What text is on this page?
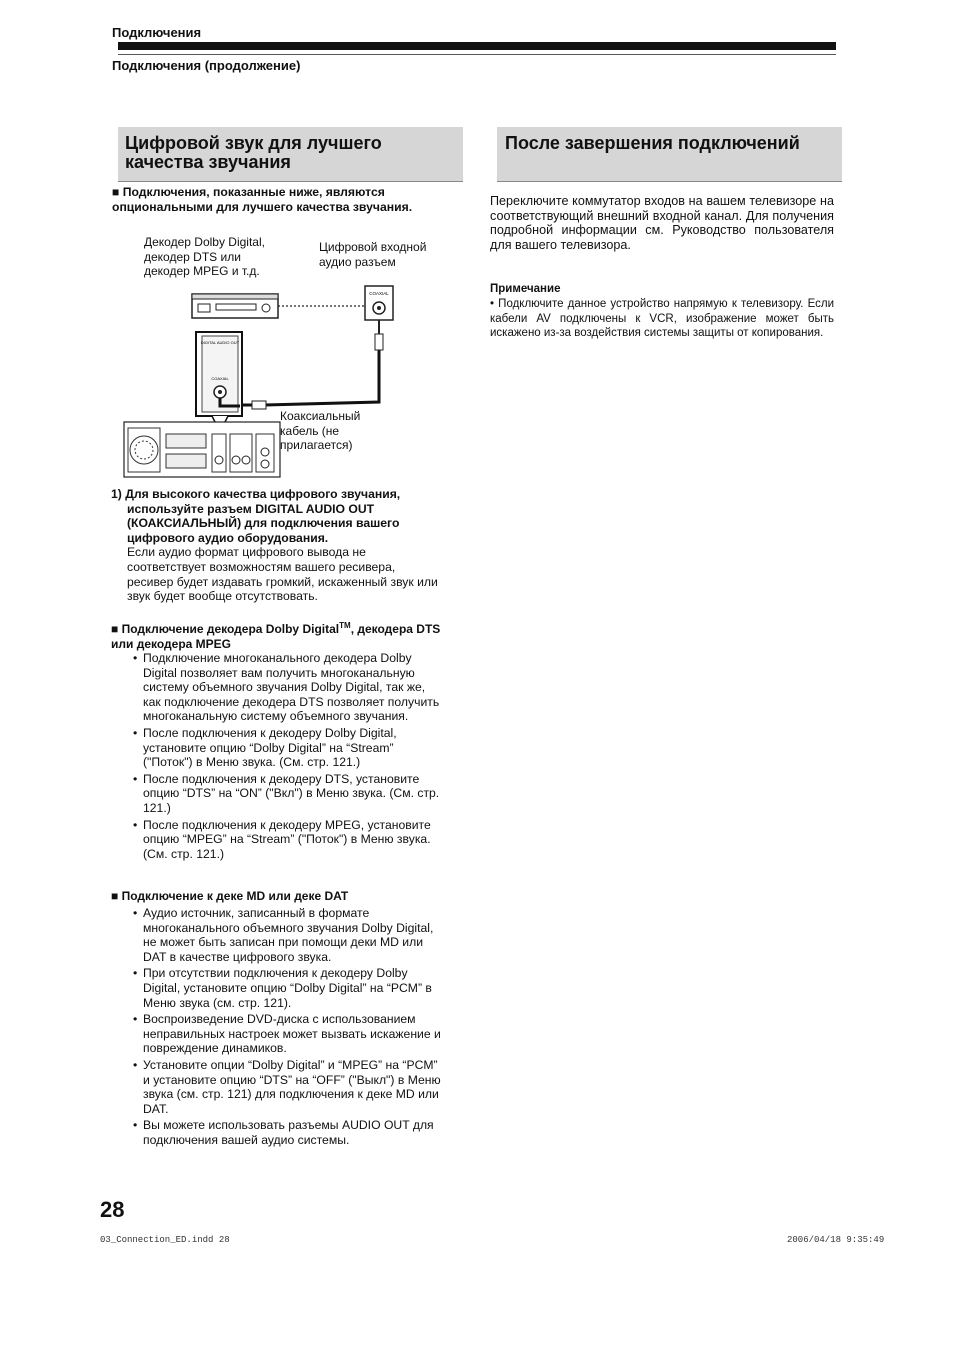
Подключения
Подключения (продолжение)
Цифровой звук для лучшего качества звучания

■ Подключения, показанные ниже, являются опциональными для лучшего качества звучания.

Декодер Dolby Digital, декодер DTS или декодер MPEG и т.д.
Цифровой входной аудио разъем
Коаксиальный кабель (не прилагается)
COAXIAL
DIGITAL AUDIO OUT
COAXIAL

1) Для высокого качества цифрового звучания, используйте разъем DIGITAL AUDIO OUT (КОАКСИАЛЬНЫЙ) для подключения вашего цифрового аудио оборудования.

Если аудио формат цифрового вывода не соответствует возможностям вашего ресивера, ресивер будет издавать громкий, искаженный звук или звук будет вообще отсутствовать.

■ Подключение декодера Dolby Digital™, декодера DTS или декодера MPEG

• Подключение многоканального декодера Dolby Digital позволяет вам получить многоканальную систему объемного звучания Dolby Digital, так же, как подключение декодера DTS позволяет получить многоканальную систему объемного звучания.
• После подключения к декодеру Dolby Digital, установите опцию “Dolby Digital” на “Stream” ("Поток") в Меню звука. (См. стр. 121.)
• После подключения к декодеру DTS, установите опцию “DTS” на “ON” ("Вкл") в Меню звука. (См. стр. 121.)
• После подключения к декодеру MPEG, установите опцию “MPEG” на “Stream” ("Поток") в Меню звука. (См. стр. 121.)

■ Подключение к деке MD или деке DAT

• Аудио источник, записанный в формате многоканального объемного звучания Dolby Digital, не может быть записан при помощи деки MD или DAT в качестве цифрового звука.
• При отсутствии подключения к декодеру Dolby Digital, установите опцию “Dolby Digital” на “PCM” в Меню звука (см. стр. 121).
• Воспроизведение DVD-диска с использованием неправильных настроек может вызвать искажение и повреждение динамиков.
• Установите опции “Dolby Digital” и “MPEG” на “PCM” и установите опцию “DTS” на “OFF” ("Выкл") в Меню звука (см. стр. 121) для подключения к деке MD или DAT.
• Вы можете использовать разъемы AUDIO OUT для подключения вашей аудио системы.
После завершения подключений

Переключите коммутатор входов на вашем телевизоре на соответствующий внешний входной канал. Для получения подробной информации см. Руководство пользователя для вашего телевизора.

Примечание

• Подключите данное устройство напрямую к телевизору. Если кабели AV подключены к VCR, изображение может быть искажено из-за воздействия системы защиты от копирования.

28
03_Connection_ED.indd 28	2006/04/18 9:35:49
